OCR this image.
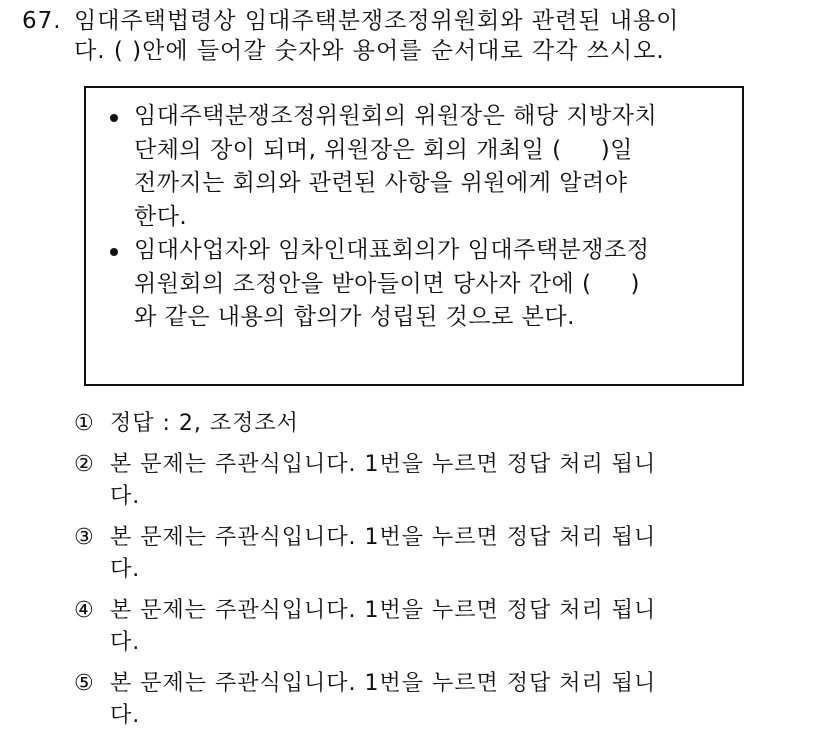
67. 임대주택법령상 임대주택분쟁조정위원회와 관련된 내용이
다. ( )안에 들어갈 숫자와 용어를 순서대로 각각 쓰시오.
임대주택분쟁조정위원회의 위원장은 해당 지방자치
단체의 장이 되며, 위원장은 회의 개최일 (     )일
전까지는 회의와 관련된 사항을 위원에게 알려야
한다.
임대사업자와 임차인대표회의가 임대주택분쟁조정
위원회의 조정안을 받아들이면 당사자 간에 (     )
와 같은 내용의 합의가 성립된 것으로 본다.
① 정답 : 2, 조정조서
② 본 문제는 주관식입니다. 1번을 누르면 정답 처리 됩니
다.
③ 본 문제는 주관식입니다. 1번을 누르면 정답 처리 됩니
다.
④ 본 문제는 주관식입니다. 1번을 누르면 정답 처리 됩니
다.
⑤ 본 문제는 주관식입니다. 1번을 누르면 정답 처리 됩니
다.
